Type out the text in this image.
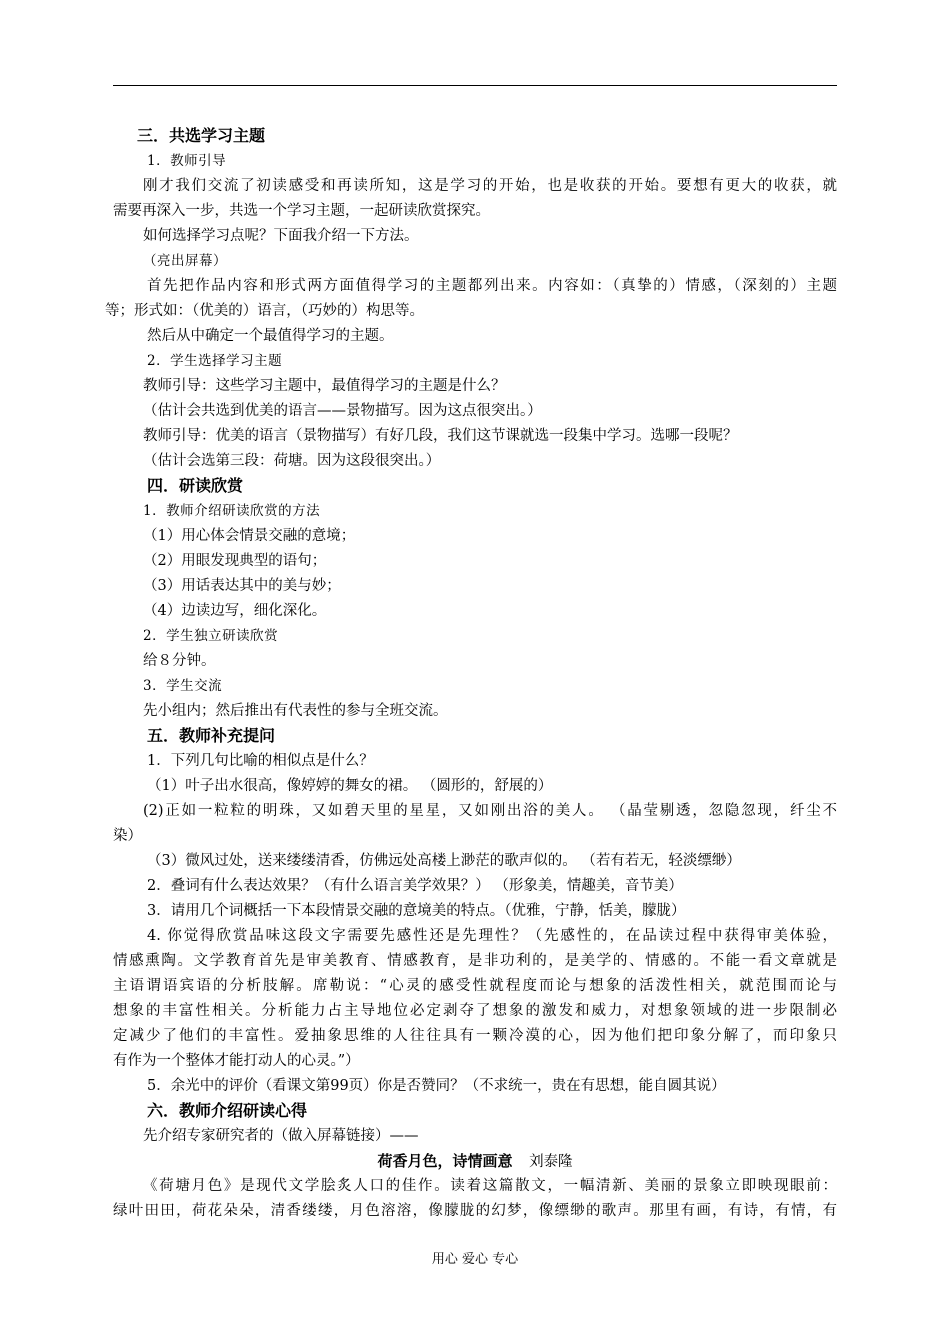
三．共选学习主题
1．教师引导
刚才我们交流了初读感受和再读所知，这是学习的开始，也是收获的开始。要想有更大的收获，就
需要再深入一步，共选一个学习主题，一起研读欣赏探究。
如何选择学习点呢？下面我介绍一下方法。
（亮出屏幕）
首先把作品内容和形式两方面值得学习的主题都列出来。内容如：（真挚的）情感，（深刻的）主题
等；形式如：（优美的）语言，（巧妙的）构思等。
然后从中确定一个最值得学习的主题。
2．学生选择学习主题
教师引导：这些学习主题中，最值得学习的主题是什么？
（估计会共选到优美的语言——景物描写。因为这点很突出。）
教师引导：优美的语言（景物描写）有好几段，我们这节课就选一段集中学习。选哪一段呢？
（估计会选第三段：荷塘。因为这段很突出。）
四．研读欣赏
1．教师介绍研读欣赏的方法
（1）用心体会情景交融的意境；
（2）用眼发现典型的语句；
（3）用话表达其中的美与妙；
（4）边读边写，细化深化。
2．学生独立研读欣赏
给８分钟。
3．学生交流
先小组内；然后推出有代表性的参与全班交流。
五．教师补充提问
1．下列几句比喻的相似点是什么？
（1）叶子出水很高，像婷婷的舞女的裙。 （圆形的，舒展的）
(2)正如一粒粒的明珠，又如碧天里的星星，又如刚出浴的美人。 （晶莹剔透，忽隐忽现，纤尘不
染）
（3）微风过处，送来缕缕清香，仿佛远处高楼上渺茫的歌声似的。 （若有若无，轻淡缥缈）
2．叠词有什么表达效果？（有什么语言美学效果？） （形象美，情趣美，音节美）
3．请用几个词概括一下本段情景交融的意境美的特点。（优雅，宁静，恬美，朦胧）
4. 你觉得欣赏品味这段文字需要先感性还是先理性？（先感性的，在品读过程中获得审美体验，
情感熏陶。文学教育首先是审美教育、情感教育，是非功利的，是美学的、情感的。不能一看文章就是
主语谓语宾语的分析肢解。席勒说：“心灵的感受性就程度而论与想象的活泼性相关，就范围而论与
想象的丰富性相关。分析能力占主导地位必定剥夺了想象的激发和威力，对想象领域的进一步限制必
定减少了他们的丰富性。爱抽象思维的人往往具有一颗冷漠的心，因为他们把印象分解了，而印象只
有作为一个整体才能打动人的心灵。”）
5．余光中的评价（看课文第99页）你是否赞同？（不求统一，贵在有思想，能自圆其说）
六．教师介绍研读心得
先介绍专家研究者的（做入屏幕链接）——
荷香月色，诗情画意 刘泰隆
《荷塘月色》是现代文学脍炙人口的佳作。读着这篇散文，一幅清新、美丽的景象立即映现眼前：
绿叶田田，荷花朵朵，清香缕缕，月色溶溶，像朦胧的幻梦，像缥缈的歌声。那里有画，有诗，有情，有
用心 爱心 专心
